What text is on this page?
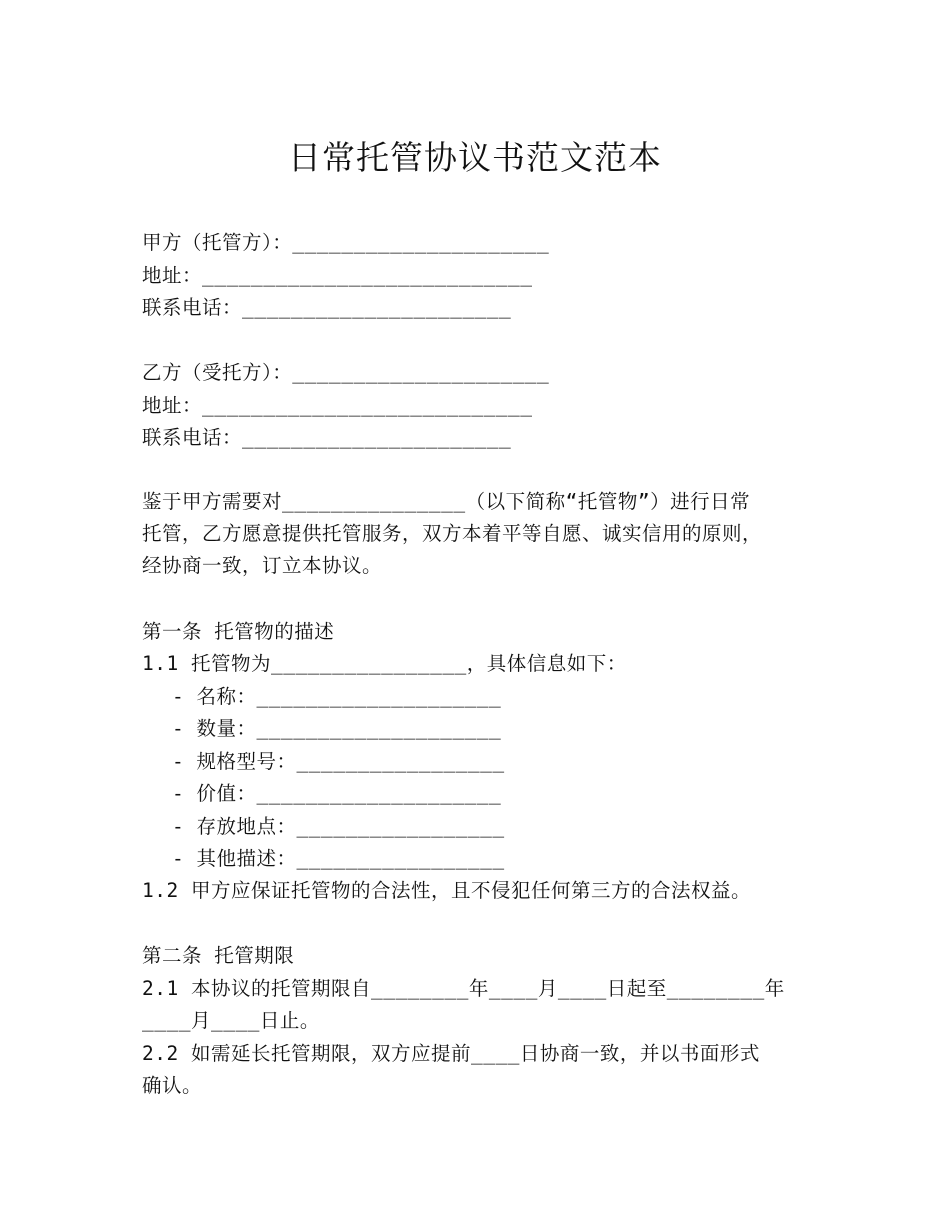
日常托管协议书范文范本
甲方（托管方）：_____________________
地址：___________________________
联系电话：______________________
乙方（受托方）：_____________________
地址：___________________________
联系电话：______________________
鉴于甲方需要对_______________（以下简称“托管物”）进行日常
托管，乙方愿意提供托管服务，双方本着平等自愿、诚实信用的原则，
经协商一致，订立本协议。
第一条 托管物的描述
1.1 托管物为________________，具体信息如下：
- 名称：____________________
- 数量：____________________
- 规格型号：_________________
- 价值：____________________
- 存放地点：_________________
- 其他描述：_________________
1.2 甲方应保证托管物的合法性，且不侵犯任何第三方的合法权益。
第二条 托管期限
2.1 本协议的托管期限自________年____月____日起至________年
____月____日止。
2.2 如需延长托管期限，双方应提前____日协商一致，并以书面形式
确认。
